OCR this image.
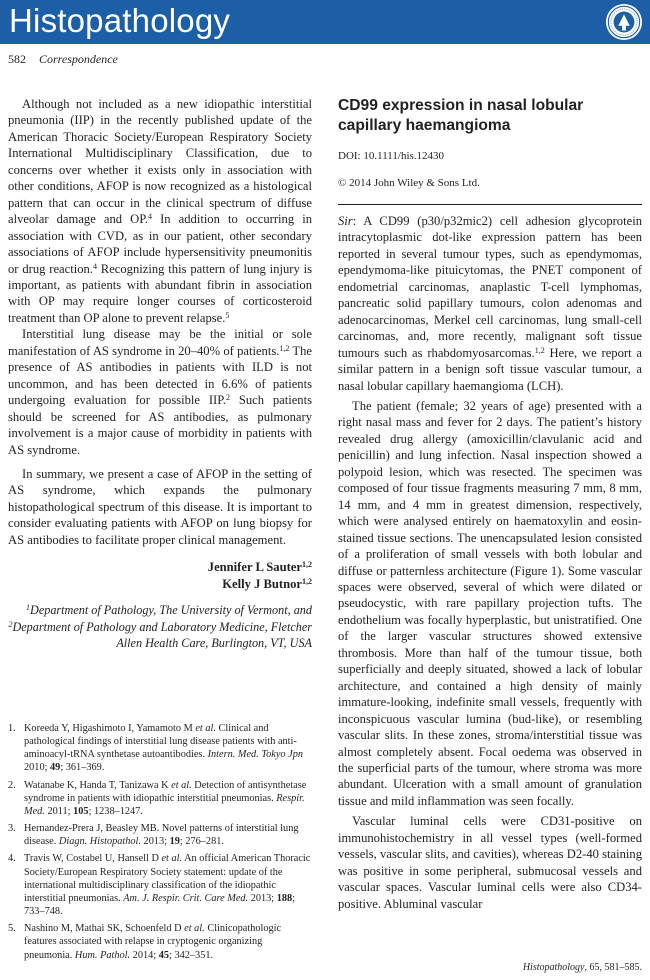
Histopathology
582 Correspondence

Although not included as a new idiopathic interstitial pneumonia (IIP) in the recently published update of the American Thoracic Society/European Respiratory Society International Multidisciplinary Classification, due to concerns over whether it exists only in association with other conditions, AFOP is now recognized as a histological pattern that can occur in the clinical spectrum of diffuse alveolar damage and OP.$^4$ In addition to occurring in association with CVD, as in our patient, other secondary associations of AFOP include hypersensitivity pneumonitis or drug reaction.$^4$ Recognizing this pattern of lung injury is important, as patients with abundant fibrin in association with OP may require longer courses of corticosteroid treatment than OP alone to prevent relapse.$^5$

Interstitial lung disease may be the initial or sole manifestation of AS syndrome in 20–40% of patients.$^{1,2}$ The presence of AS antibodies in patients with ILD is not uncommon, and has been detected in 6.6% of patients undergoing evaluation for possible IIP.$^2$ Such patients should be screened for AS antibodies, as pulmonary involvement is a major cause of morbidity in patients with AS syndrome.

In summary, we present a case of AFOP in the setting of AS syndrome, which expands the pulmonary histopathological spectrum of this disease. It is important to consider evaluating patients with AFOP on lung biopsy for AS antibodies to facilitate proper clinical management.

Jennifer L Sauter$^{1,2}$
Kelly J Butnor$^{1,2}$
$^1$Department of Pathology, The University of Vermont, and $^2$Department of Pathology and Laboratory Medicine, Fletcher Allen Health Care, Burlington, VT, USA
1. Koreeda Y, Higashimoto I, Yamamoto M et al. Clinical and pathological findings of interstitial lung disease patients with anti-aminoacyl-tRNA synthetase autoantibodies. Intern. Med. Tokyo Jpn 2010; 49; 361–369.
2. Watanabe K, Handa T, Tanizawa K et al. Detection of antisynthetase syndrome in patients with idiopathic interstitial pneumonias. Respir. Med. 2011; 105; 1238–1247.
3. Hernandez-Prera J, Beasley MB. Novel patterns of interstitial lung disease. Diagn. Histopathol. 2013; 19; 276–281.
4. Travis W, Costabel U, Hansell D et al. An official American Thoracic Society/European Respiratory Society statement: update of the international multidisciplinary classification of the idiopathic interstitial pneumonias. Am. J. Respir. Crit. Care Med. 2013; 188; 733–748.
5. Nashino M, Mathai SK, Schoenfeld D et al. Clinicopathologic features associated with relapse in cryptogenic organizing pneumonia. Hum. Pathol. 2014; 45; 342–351.
CD99 expression in nasal lobular capillary haemangioma
DOI: 10.1111/his.12430
© 2014 John Wiley & Sons Ltd.

Sir: A CD99 (p30/p32mic2) cell adhesion glycoprotein intracytoplasmic dot-like expression pattern has been reported in several tumour types, such as ependymomas, ependymoma-like pituicytomas, the PNET component of endometrial carcinomas, anaplastic T-cell lymphomas, pancreatic solid papillary tumours, colon adenomas and adenocarcinomas, Merkel cell carcinomas, lung small-cell carcinomas, and, more recently, malignant soft tissue tumours such as rhabdomyosarcomas.$^{1,2}$ Here, we report a similar pattern in a benign soft tissue vascular tumour, a nasal lobular capillary haemangioma (LCH).

The patient (female; 32 years of age) presented with a right nasal mass and fever for 2 days. The patient’s history revealed drug allergy (amoxicillin/clavulanic acid and penicillin) and lung infection. Nasal inspection showed a polypoid lesion, which was resected. The specimen was composed of four tissue fragments measuring 7 mm, 8 mm, 14 mm, and 4 mm in greatest dimension, respectively, which were analysed entirely on haematoxylin and eosin-stained tissue sections. The unencapsulated lesion consisted of a proliferation of small vessels with both lobular and diffuse or patternless architecture (Figure 1). Some vascular spaces were observed, several of which were dilated or pseudocystic, with rare papillary projection tufts. The endothelium was focally hyperplastic, but unistratified. One of the larger vascular structures showed extensive thrombosis. More than half of the tumour tissue, both superficially and deeply situated, showed a lack of lobular architecture, and contained a high density of mainly immature-looking, indefinite small vessels, frequently with inconspicuous vascular lumina (bud-like), or resembling vascular slits. In these zones, stroma/interstitial tissue was almost completely absent. Focal oedema was observed in the superficial parts of the tumour, where stroma was more abundant. Ulceration with a small amount of granulation tissue and mild inflammation was seen focally.

Vascular luminal cells were CD31-positive on immunohistochemistry in all vessel types (well-formed vessels, vascular slits, and cavities), whereas D2-40 staining was positive in some peripheral, submucosal vessels and vascular spaces. Vascular luminal cells were also CD34-positive. Abluminal vascular

Histopathology, 65, 581–585.
